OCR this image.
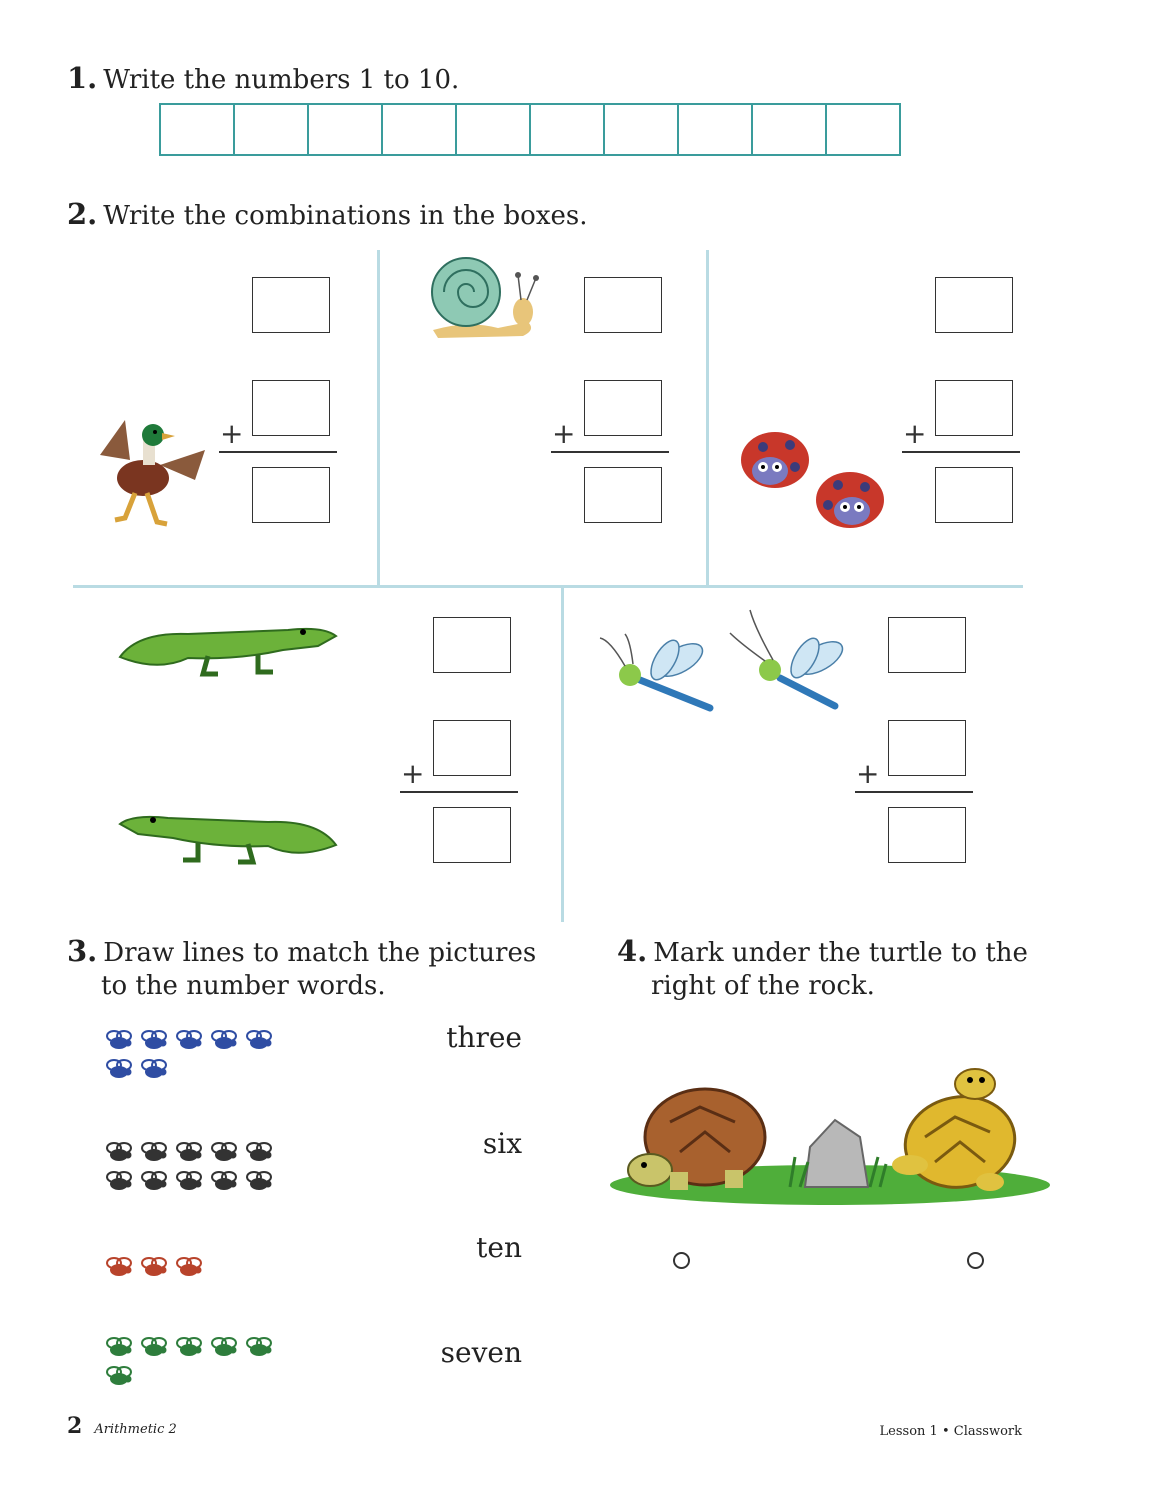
1. Write the numbers 1 to 10.
2. Write the combinations in the boxes.
+	+	+
+	+
3. Draw lines to match the pictures
to the number words.
three
six
ten
seven
4. Mark under the turtle to the
right of the rock.
2 Arithmetic 2	Lesson 1 • Classwork
